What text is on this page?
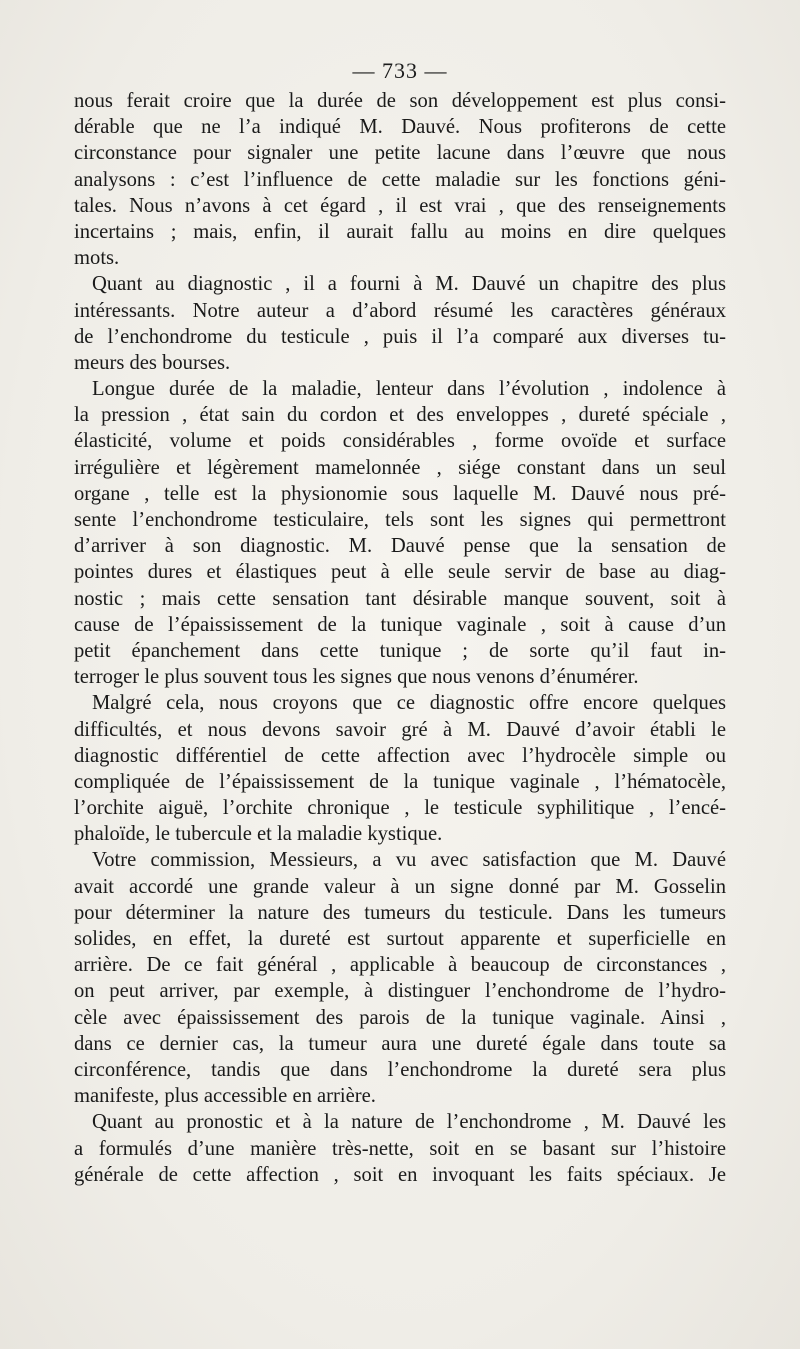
— 733 —
nous ferait croire que la durée de son développement est plus consi-
dérable que ne l’a indiqué M. Dauvé. Nous profiterons de cette
circonstance pour signaler une petite lacune dans l’œuvre que nous
analysons : c’est l’influence de cette maladie sur les fonctions géni-
tales. Nous n’avons à cet égard , il est vrai , que des renseignements
incertains ; mais, enfin, il aurait fallu au moins en dire quelques
mots.
Quant au diagnostic , il a fourni à M. Dauvé un chapitre des plus
intéressants. Notre auteur a d’abord résumé les caractères généraux
de l’enchondrome du testicule , puis il l’a comparé aux diverses tu-
meurs des bourses.
Longue durée de la maladie, lenteur dans l’évolution , indolence à
la pression , état sain du cordon et des enveloppes , dureté spéciale ,
élasticité, volume et poids considérables , forme ovoïde et surface
irrégulière et légèrement mamelonnée , siége constant dans un seul
organe , telle est la physionomie sous laquelle M. Dauvé nous pré-
sente l’enchondrome testiculaire, tels sont les signes qui permettront
d’arriver à son diagnostic. M. Dauvé pense que la sensation de
pointes dures et élastiques peut à elle seule servir de base au diag-
nostic ; mais cette sensation tant désirable manque souvent, soit à
cause de l’épaississement de la tunique vaginale , soit à cause d’un
petit épanchement dans cette tunique ; de sorte qu’il faut in-
terroger le plus souvent tous les signes que nous venons d’énumérer.
Malgré cela, nous croyons que ce diagnostic offre encore quelques
difficultés, et nous devons savoir gré à M. Dauvé d’avoir établi le
diagnostic différentiel de cette affection avec l’hydrocèle simple ou
compliquée de l’épaississement de la tunique vaginale , l’hématocèle,
l’orchite aiguë, l’orchite chronique , le testicule syphilitique , l’encé-
phaloïde, le tubercule et la maladie kystique.
Votre commission, Messieurs, a vu avec satisfaction que M. Dauvé
avait accordé une grande valeur à un signe donné par M. Gosselin
pour déterminer la nature des tumeurs du testicule. Dans les tumeurs
solides, en effet, la dureté est surtout apparente et superficielle en
arrière. De ce fait général , applicable à beaucoup de circonstances ,
on peut arriver, par exemple, à distinguer l’enchondrome de l’hydro-
cèle avec épaississement des parois de la tunique vaginale. Ainsi ,
dans ce dernier cas, la tumeur aura une dureté égale dans toute sa
circonférence, tandis que dans l’enchondrome la dureté sera plus
manifeste, plus accessible en arrière.
Quant au pronostic et à la nature de l’enchondrome , M. Dauvé les
a formulés d’une manière très-nette, soit en se basant sur l’histoire
générale de cette affection , soit en invoquant les faits spéciaux. Je
